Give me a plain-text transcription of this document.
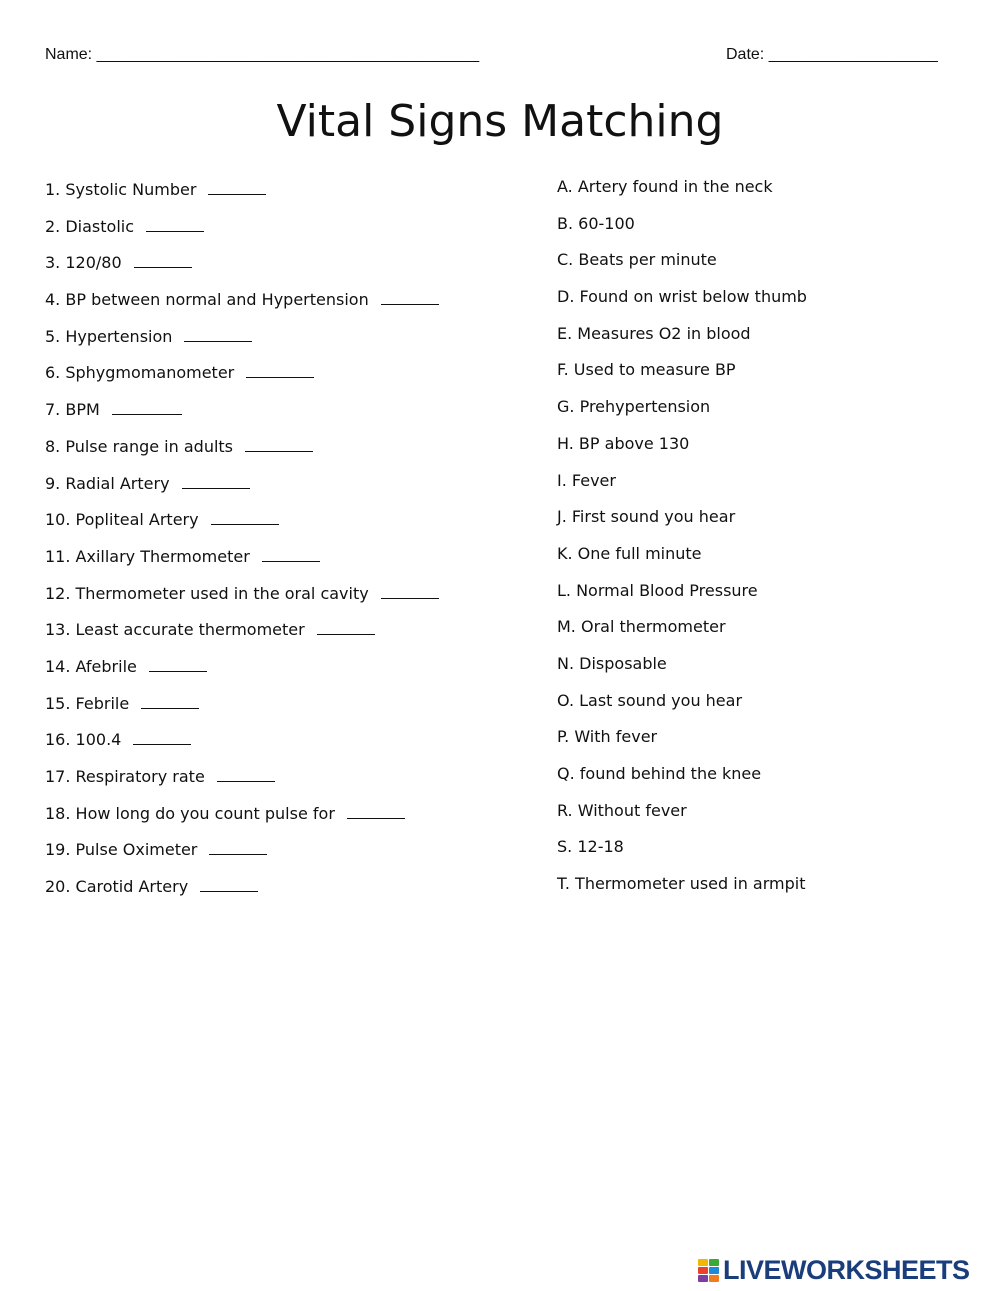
Name: ___________________________________________	Date: ___________________
Vital Signs Matching
1. Systolic Number
2. Diastolic
3. 120/80
4. BP between normal and Hypertension
5. Hypertension
6. Sphygmomanometer
7. BPM
8. Pulse range in adults
9. Radial Artery
10. Popliteal Artery
11. Axillary Thermometer
12. Thermometer used in the oral cavity
13. Least accurate thermometer
14. Afebrile
15. Febrile
16. 100.4
17. Respiratory rate
18. How long do you count pulse for
19. Pulse Oximeter
20. Carotid Artery
A. Artery found in the neck
B. 60-100
C. Beats per minute
D. Found on wrist below thumb
E. Measures O2 in blood
F. Used to measure BP
G. Prehypertension
H. BP above 130
I. Fever
J. First sound you hear
K. One full minute
L. Normal Blood Pressure
M. Oral thermometer
N. Disposable
O. Last sound you hear
P. With fever
Q. found behind the knee
R. Without fever
S. 12-18
T. Thermometer used in armpit
LIVEWORKSHEETS
